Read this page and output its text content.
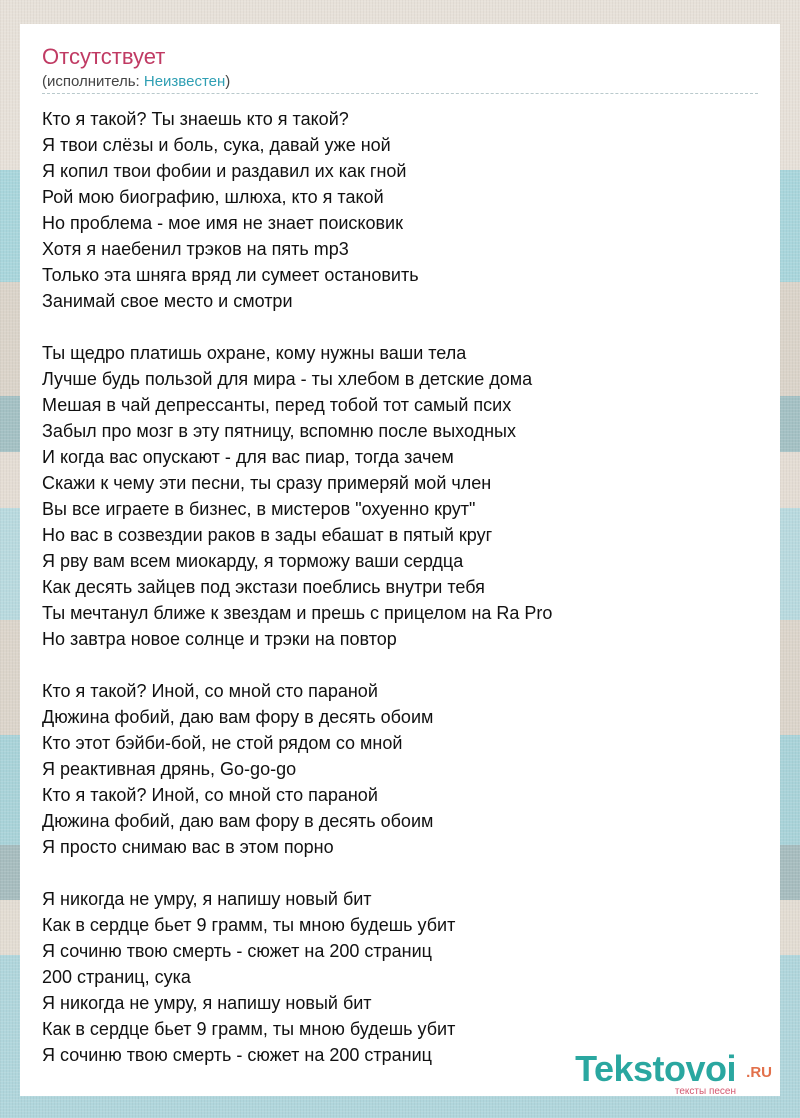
Отсутствует
(исполнитель: Неизвестен)

Кто я такой? Ты знаешь кто я такой?
Я твои слёзы и боль, сука, давай уже ной
Я копил твои фобии и раздавил их как гной
Рой мою биографию, шлюха, кто я такой
Но проблема - мое имя не знает поисковик
Хотя я наебенил трэков на пять mp3
Только эта шняга вряд ли сумеет остановить
Занимай свое место и смотри

Ты щедро платишь охране, кому нужны ваши тела
Лучше будь пользой для мира - ты хлебом в детские дома
Мешая в чай депрессанты, перед тобой тот самый псих
Забыл про мозг в эту пятницу, вспомню после выходных
И когда вас опускают - для вас пиар, тогда зачем
Скажи к чему эти песни, ты сразу примеряй мой член
Вы все играете в бизнес, в мистеров "охуенно крут"
Но вас в созвездии раков в зады ебашат в пятый круг
Я рву вам всем миокарду, я торможу ваши сердца
Как десять зайцев под экстази поеблись внутри тебя
Ты мечтанул ближе к звездам и прешь с прицелом на Ra Pro
Но завтра новое солнце и трэки на повтор

Кто я такой? Иной, со мной сто параной
Дюжина фобий, даю вам фору в десять обоим
Кто этот бэйби-бой, не стой рядом со мной
Я реактивная дрянь, Go-go-go
Кто я такой? Иной, со мной сто параной
Дюжина фобий, даю вам фору в десять обоим
Я просто снимаю вас в этом порно

Я никогда не умру, я напишу новый бит
Как в сердце бьет 9 грамм, ты мною будешь убит
Я сочиню твою смерть - сюжет на 200 страниц
200 страниц, сука
Я никогда не умру, я напишу новый бит
Как в сердце бьет 9 грамм, ты мною будешь убит
Я сочиню твою смерть - сюжет на 200 страниц	Tekstovoi .RU
тексты песен
